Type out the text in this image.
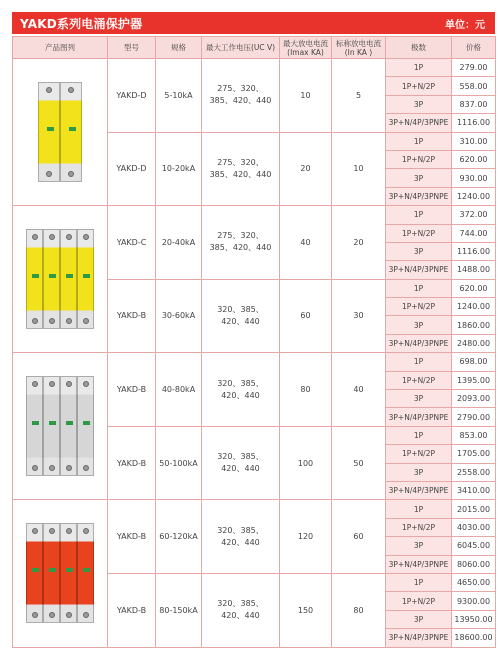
YAKD系列电涌保护器	单位：元
产品图列	型号	规格	最大工作电压(UC V)	最大放电电流(Imax KA)	标称放电电流(In KA )	极数	价格

	YAKD-D	5-10kA	275、320、
385、420、440	10	5	1P	279.00
						1P+N/2P	558.00
						3P	837.00
						3P+N/4P/3PNPE	1116.00
	YAKD-D	10-20kA	275、320、
385、420、440	20	10	1P	310.00
						1P+N/2P	620.00
						3P	930.00
						3P+N/4P/3PNPE	1240.00

	YAKD-C	20-40kA	275、320、
385、420、440	40	20	1P	372.00
						1P+N/2P	744.00
						3P	1116.00
						3P+N/4P/3PNPE	1488.00
	YAKD-B	30-60kA	320、385、
420、440	60	30	1P	620.00
						1P+N/2P	1240.00
						3P	1860.00
						3P+N/4P/3PNPE	2480.00

	YAKD-B	40-80kA	320、385、
420、440	80	40	1P	698.00
						1P+N/2P	1395.00
						3P	2093.00
						3P+N/4P/3PNPE	2790.00
	YAKD-B	50-100kA	320、385、
420、440	100	50	1P	853.00
						1P+N/2P	1705.00
						3P	2558.00
						3P+N/4P/3PNPE	3410.00

	YAKD-B	60-120kA	320、385、
420、440	120	60	1P	2015.00
						1P+N/2P	4030.00
						3P	6045.00
						3P+N/4P/3PNPE	8060.00
	YAKD-B	80-150kA	320、385、
420、440	150	80	1P	4650.00
						1P+N/2P	9300.00
						3P	13950.00
						3P+N/4P/3PNPE	18600.00
